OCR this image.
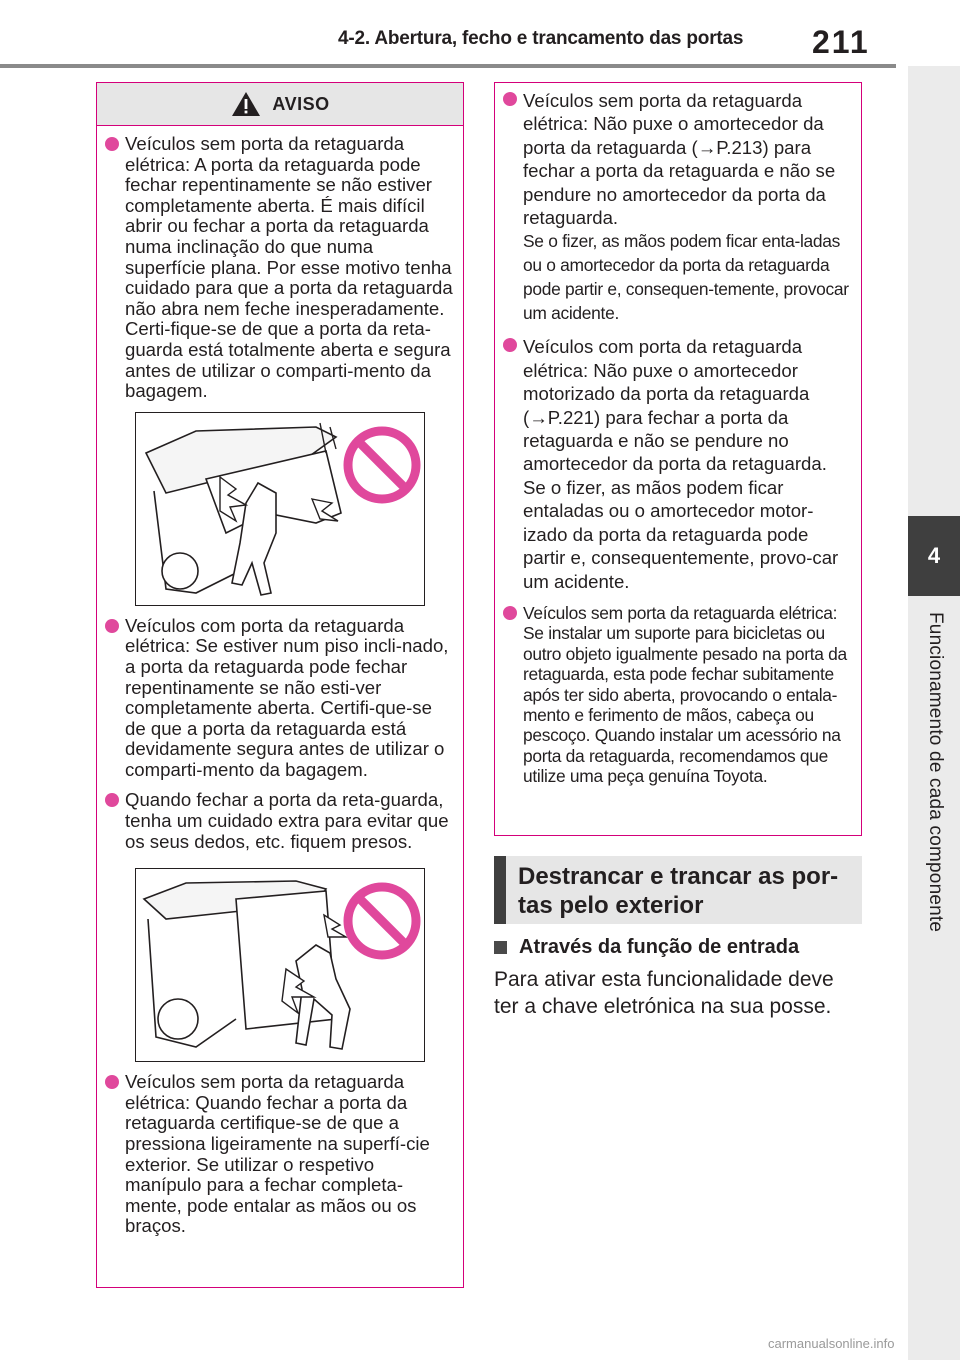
4-2. Abertura, fecho e trancamento das portas 211
4
Funcionamento de cada componente
AVISO
Veículos sem porta da retaguarda elétrica: A porta da retaguarda pode fechar repentinamente se não estiver completamente aberta. É mais difícil abrir ou fechar a porta da retaguarda numa inclinação do que numa superfície plana. Por esse motivo tenha cuidado para que a porta da retaguarda não abra nem feche inesperadamente. Certi-fique-se de que a porta da reta-guarda está totalmente aberta e segura antes de utilizar o comparti-mento da bagagem.
Veículos com porta da retaguarda elétrica: Se estiver num piso incli-nado, a porta da retaguarda pode fechar repentinamente se não esti-ver completamente aberta. Certifi-que-se de que a porta da retaguarda está devidamente segura antes de utilizar o comparti-mento da bagagem.
Quando fechar a porta da reta-guarda, tenha um cuidado extra para evitar que os seus dedos, etc. fiquem presos.
Veículos sem porta da retaguarda elétrica: Quando fechar a porta da retaguarda certifique-se de que a pressiona ligeiramente na superfí-cie exterior. Se utilizar o respetivo manípulo para a fechar completa-mente, pode entalar as mãos ou os braços.
Veículos sem porta da retaguarda elétrica: Não puxe o amortecedor da porta da retaguarda (→P.213) para fechar a porta da retaguarda e não se pendure no amortecedor da porta da retaguarda.
Se o fizer, as mãos podem ficar enta-ladas ou o amortecedor da porta da retaguarda pode partir e, consequen-temente, provocar um acidente.
Veículos com porta da retaguarda elétrica: Não puxe o amortecedor motorizado da porta da retaguarda (→P.221) para fechar a porta da retaguarda e não se pendure no amortecedor da porta da retaguarda.
Se o fizer, as mãos podem ficar entaladas ou o amortecedor motor-izado da porta da retaguarda pode partir e, consequentemente, provo-car um acidente.
Veículos sem porta da retaguarda elétrica: Se instalar um suporte para bicicletas ou outro objeto igualmente pesado na porta da retaguarda, esta pode fechar subitamente após ter sido aberta, provocando o entala-mento e ferimento de mãos, cabeça ou pescoço. Quando instalar um acessório na porta da retaguarda, recomendamos que utilize uma peça genuína Toyota.
Destrancar e trancar as por-tas pelo exterior
Através da função de entrada
Para ativar esta funcionalidade deve ter a chave eletrónica na sua posse.
carmanualsonline.info
